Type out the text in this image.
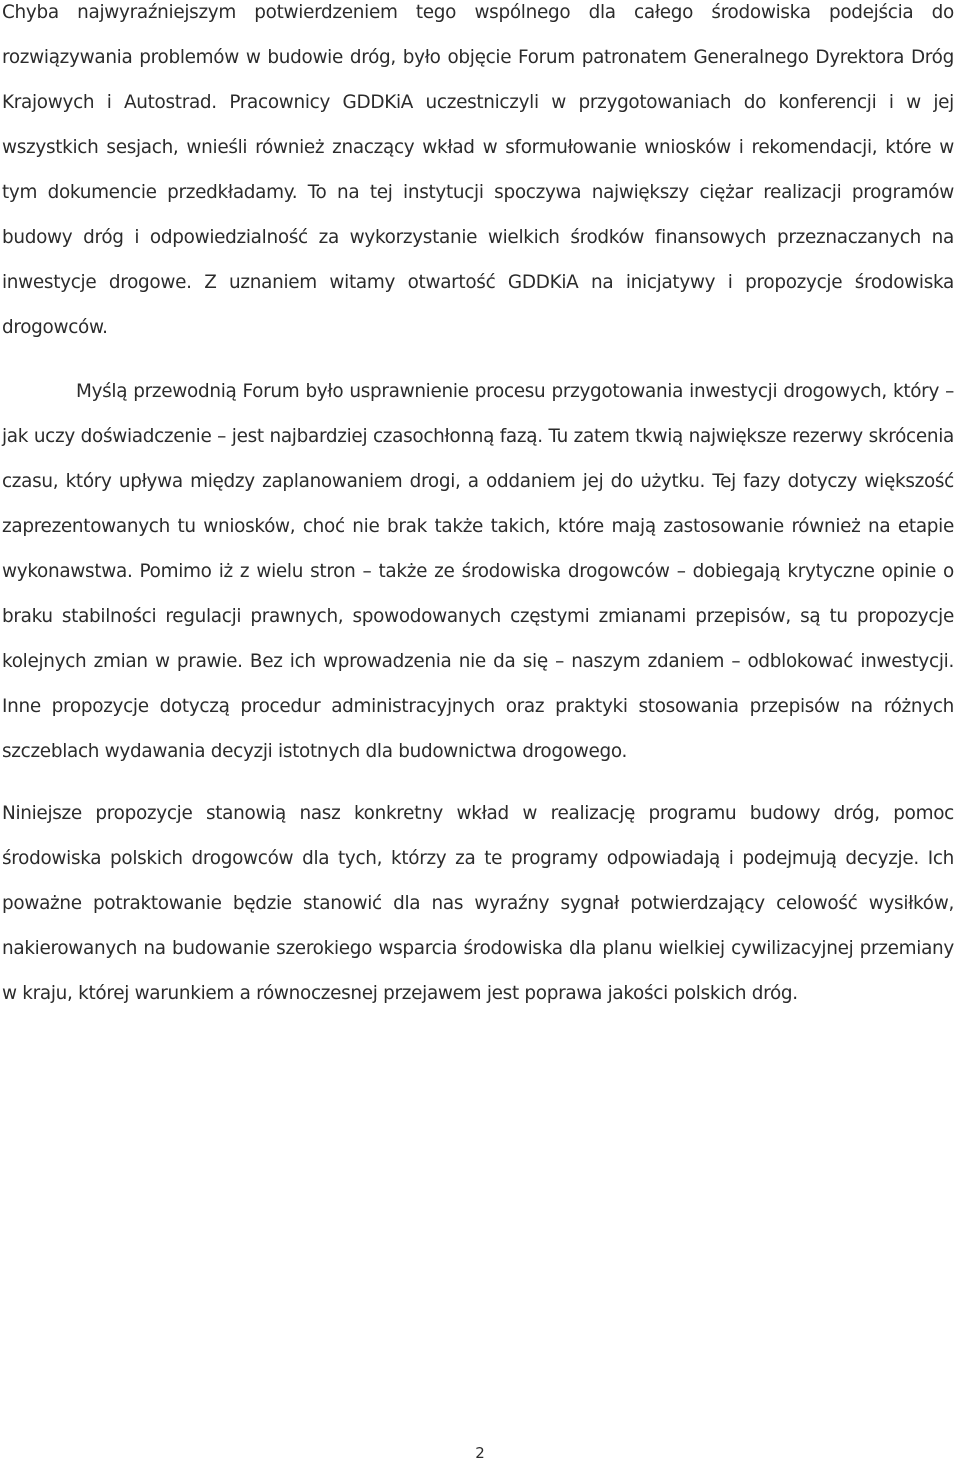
Chyba najwyraźniejszym potwierdzeniem tego wspólnego dla całego środowiska podejścia do rozwiązywania problemów w budowie dróg, było objęcie Forum patronatem Generalnego Dyrektora Dróg Krajowych i Autostrad. Pracownicy GDDKiA uczestniczyli w przygotowaniach do konferencji i w jej wszystkich sesjach, wnieśli również znaczący wkład w sformułowanie wniosków i rekomendacji, które w tym dokumencie przedkładamy. To na tej instytucji spoczywa największy ciężar realizacji programów budowy dróg i odpowiedzialność za wykorzystanie wielkich środków finansowych przeznaczanych na inwestycje drogowe. Z uznaniem witamy otwartość GDDKiA na inicjatywy i propozycje środowiska drogowców.

Myślą przewodnią Forum było usprawnienie procesu przygotowania inwestycji drogowych, który – jak uczy doświadczenie – jest najbardziej czasochłonną fazą. Tu zatem tkwią największe rezerwy skrócenia czasu, który upływa między zaplanowaniem drogi, a oddaniem jej do użytku. Tej fazy dotyczy większość zaprezentowanych tu wniosków, choć nie brak także takich, które mają zastosowanie również na etapie wykonawstwa. Pomimo iż z wielu stron – także ze środowiska drogowców – dobiegają krytyczne opinie o braku stabilności regulacji prawnych, spowodowanych częstymi zmianami przepisów, są tu propozycje kolejnych zmian w prawie. Bez ich wprowadzenia nie da się – naszym zdaniem – odblokować inwestycji. Inne propozycje dotyczą procedur administracyjnych oraz praktyki stosowania przepisów na różnych szczeblach wydawania decyzji istotnych dla budownictwa drogowego.

Niniejsze propozycje stanowią nasz konkretny wkład w realizację programu budowy dróg, pomoc środowiska polskich drogowców dla tych, którzy za te programy odpowiadają i podejmują decyzje. Ich poważne potraktowanie będzie stanowić dla nas wyraźny sygnał potwierdzający celowość wysiłków, nakierowanych na budowanie szerokiego wsparcia środowiska dla planu wielkiej cywilizacyjnej przemiany w kraju, której warunkiem a równoczesnej przejawem jest poprawa jakości polskich dróg.

2
